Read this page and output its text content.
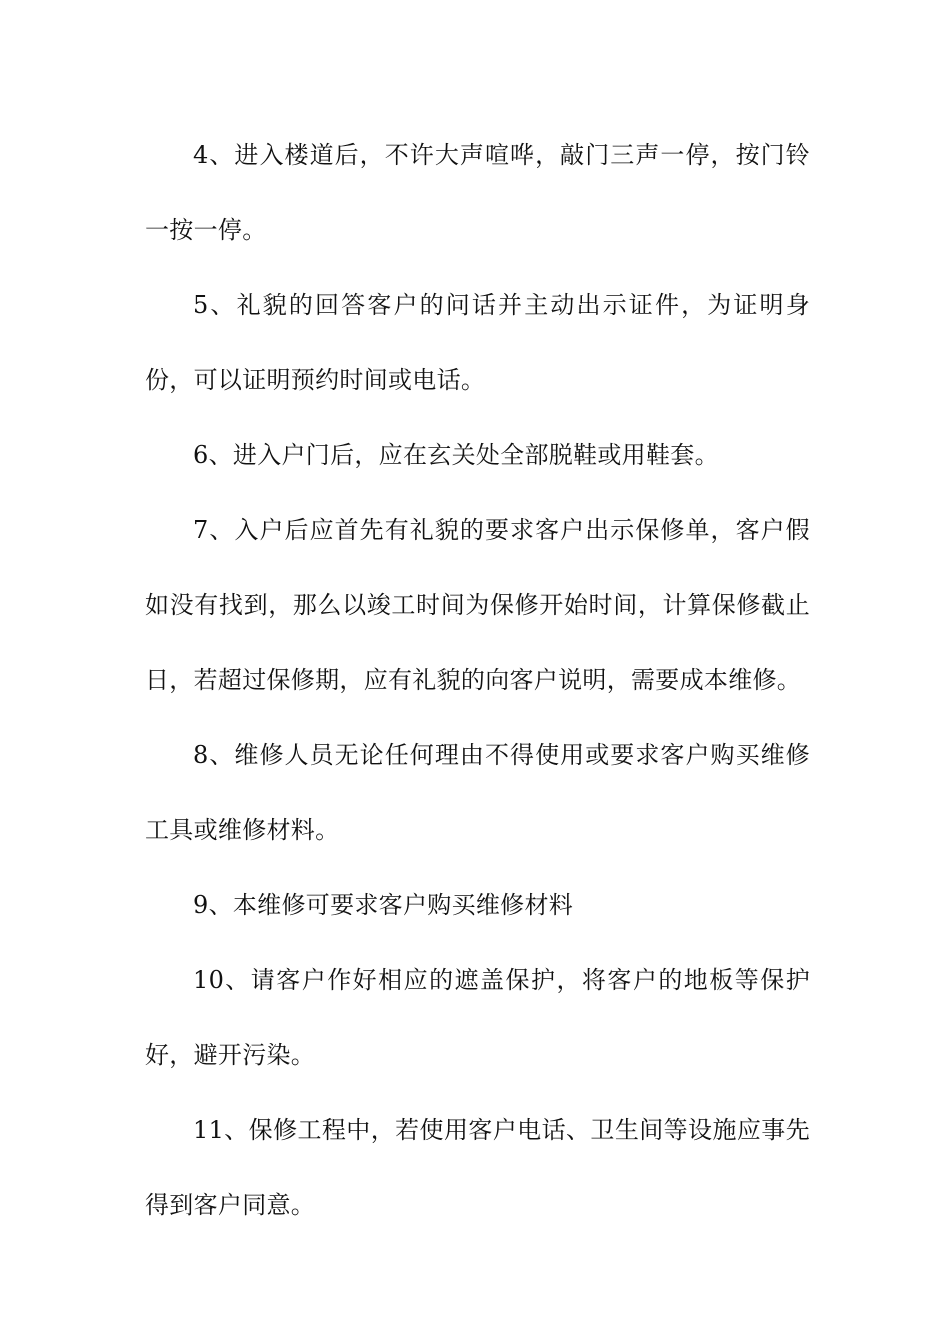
4、进入楼道后，不许大声喧哗，敲门三声一停，按门铃一按一停。

5、礼貌的回答客户的问话并主动出示证件，为证明身份，可以证明预约时间或电话。

6、进入户门后，应在玄关处全部脱鞋或用鞋套。

7、入户后应首先有礼貌的要求客户出示保修单，客户假如没有找到，那么以竣工时间为保修开始时间，计算保修截止日，若超过保修期，应有礼貌的向客户说明，需要成本维修。

8、维修人员无论任何理由不得使用或要求客户购买维修工具或维修材料。

9、本维修可要求客户购买维修材料

10、请客户作好相应的遮盖保护，将客户的地板等保护好，避开污染。

11、保修工程中，若使用客户电话、卫生间等设施应事先得到客户同意。
